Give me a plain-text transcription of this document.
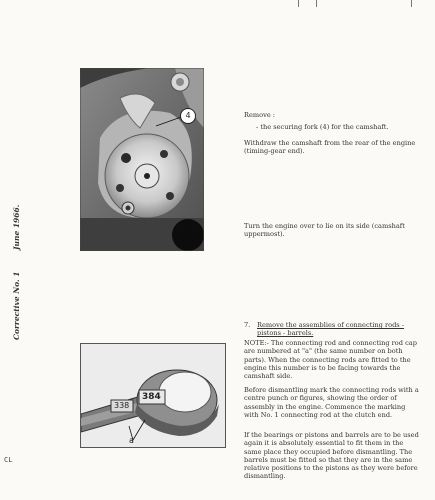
June 1966.
Corrective No. 1
CL
4
338
384
a
Remove :
- the securing fork (4) for the camshaft.
Withdraw the camshaft from the rear of the engine (timing-gear end).
Turn the engine over to lie on its side (camshaft uppermost).
7. Remove the assemblies of connecting rods - pistons - barrels.
NOTE:- The connecting rod and connecting rod cap are numbered at "a" (the same number on both parts). When the connecting rods are fitted to the engine this number is to be facing towards the camshaft side.
Before dismantling mark the connecting rods with a centre punch or figures, showing the order of assembly in the engine. Commence the marking with No. 1 connecting rod at the clutch end.
If the bearings or pistons and barrels are to be used again it is absolutely essential to fit them in the same place they occupied before dismantling. The barrels must be fitted so that they are in the same relative positions to the pistons as they were before dismantling.
